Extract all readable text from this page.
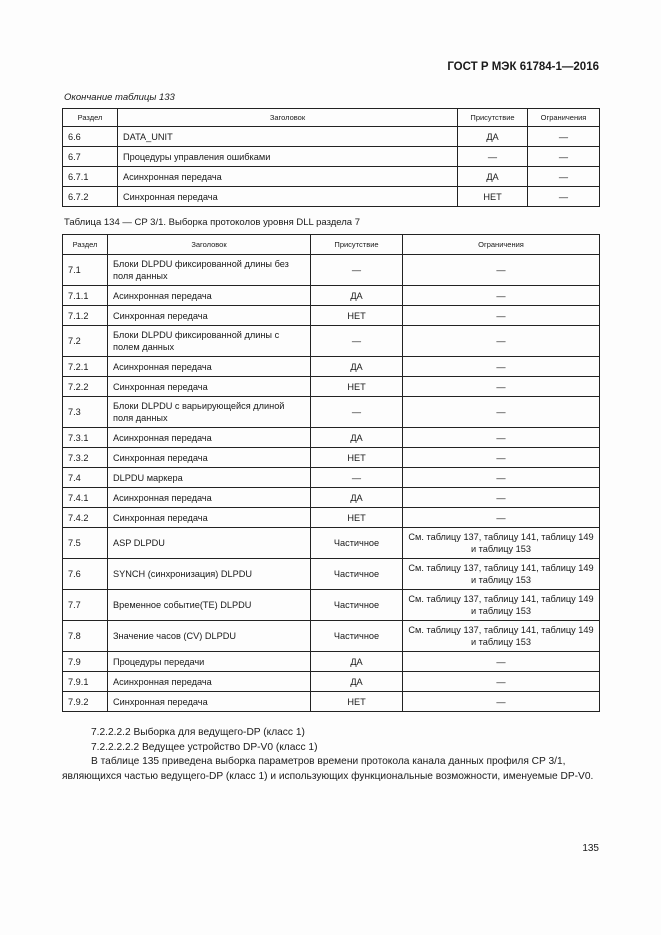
ГОСТ Р МЭК 61784-1—2016
Окончание таблицы 133
Раздел	Заголовок	Присутствие	Ограничения
6.6	DATA_UNIT	ДА	—
6.7	Процедуры управления ошибками	—	—
6.7.1	Асинхронная передача	ДА	—
6.7.2	Синхронная передача	НЕТ	—
Таблица 134 — CP 3/1. Выборка протоколов уровня DLL раздела 7
Раздел	Заголовок	Присутствие	Ограничения
7.1	Блоки DLPDU фиксированной длины без поля данных	—	—
7.1.1	Асинхронная передача	ДА	—
7.1.2	Синхронная передача	НЕТ	—
7.2	Блоки DLPDU фиксированной длины с полем данных	—	—
7.2.1	Асинхронная передача	ДА	—
7.2.2	Синхронная передача	НЕТ	—
7.3	Блоки DLPDU с варьирующейся длиной поля данных	—	—
7.3.1	Асинхронная передача	ДА	—
7.3.2	Синхронная передача	НЕТ	—
7.4	DLPDU маркера	—	—
7.4.1	Асинхронная передача	ДА	—
7.4.2	Синхронная передача	НЕТ	—
7.5	ASP DLPDU	Частичное	См. таблицу 137, таблицу 141, таблицу 149 и таблицу 153
7.6	SYNCH (синхронизация) DLPDU	Частичное	См. таблицу 137, таблицу 141, таблицу 149 и таблицу 153
7.7	Временное событие(TE) DLPDU	Частичное	См. таблицу 137, таблицу 141, таблицу 149 и таблицу 153
7.8	Значение часов (CV) DLPDU	Частичное	См. таблицу 137, таблицу 141, таблицу 149 и таблицу 153
7.9	Процедуры передачи	ДА	—
7.9.1	Асинхронная передача	ДА	—
7.9.2	Синхронная передача	НЕТ	—

7.2.2.2.2 Выборка для ведущего-DP (класс 1)

7.2.2.2.2.2 Ведущее устройство DP-V0 (класс 1)

В таблице 135 приведена выборка параметров времени протокола канала данных профиля CP 3/1, являющихся частью ведущего-DP (класс 1) и использующих функциональные возможности, именуемые DP-V0.

135
